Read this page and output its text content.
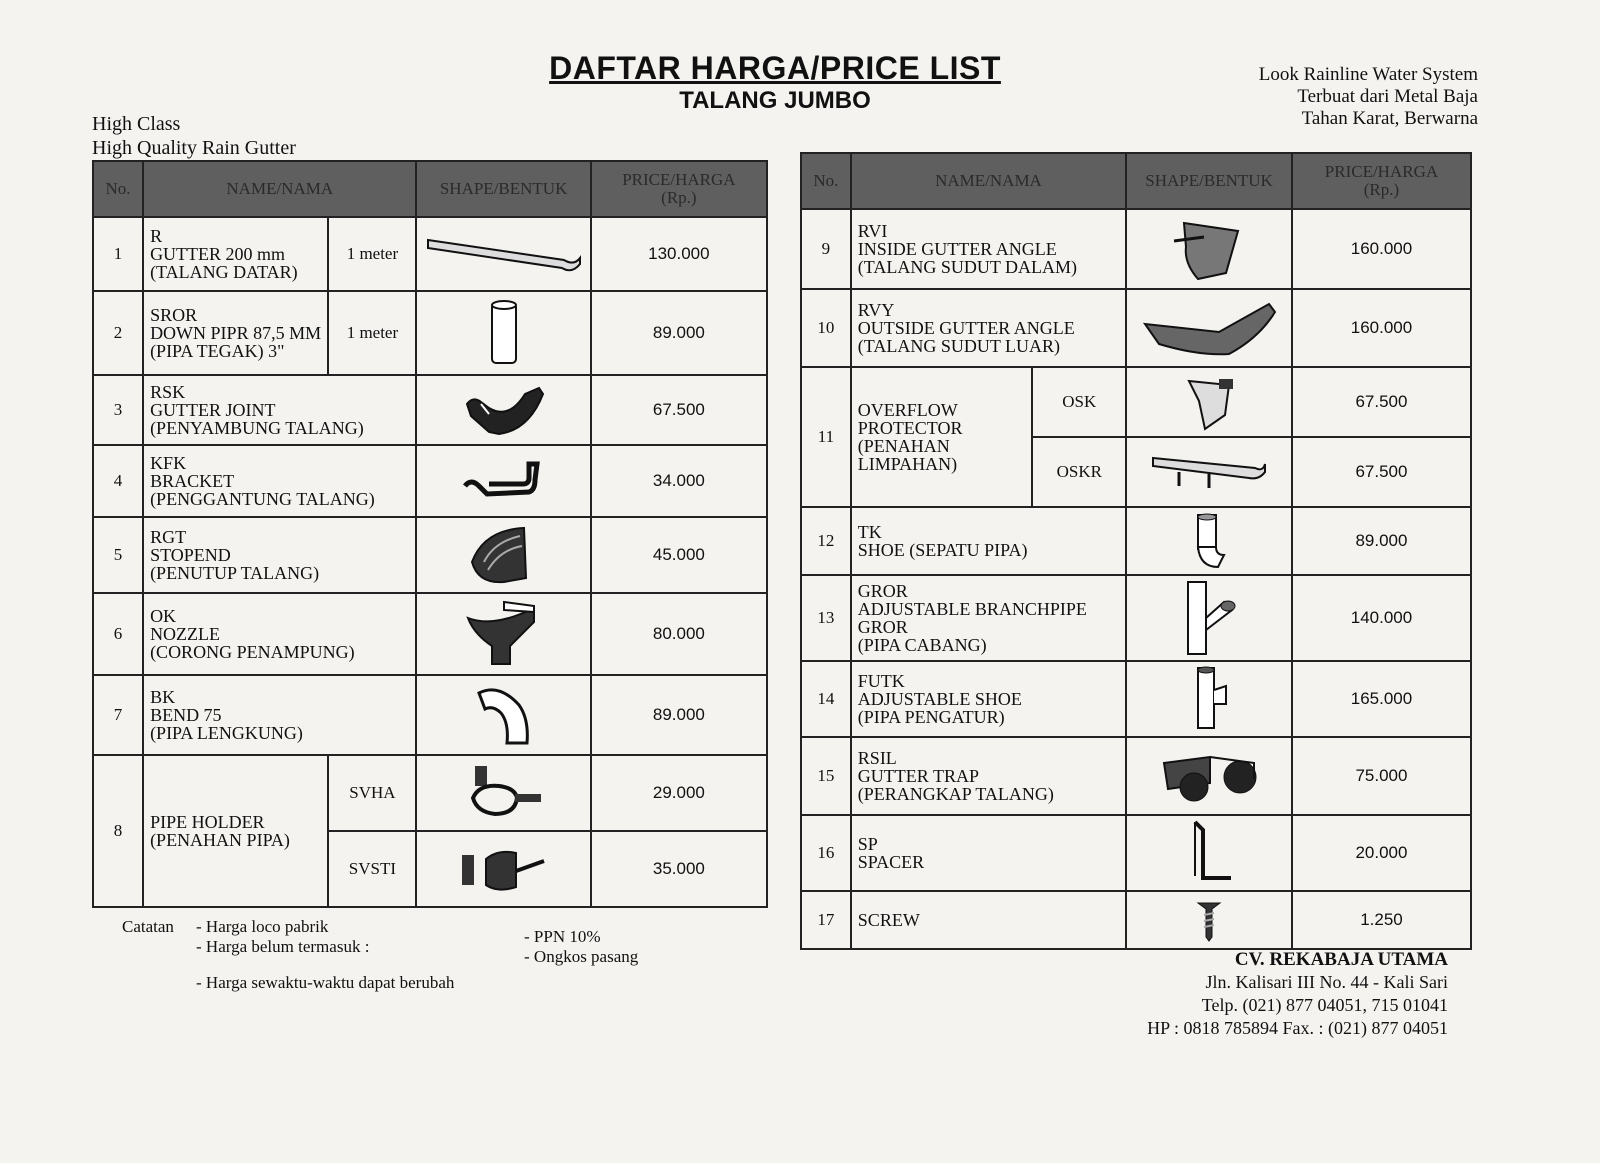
DAFTAR HARGA/PRICE LIST
TALANG JUMBO
High Class
High Quality Rain Gutter
Look Rainline Water System
Terbuat dari Metal Baja
Tahan Karat, Berwarna
No.	NAME/NAMA		SHAPE/BENTUK	PRICE/HARGA
(Rp.)

1	R
GUTTER 200 mm
(TALANG DATAR)	1 meter		130.000
2	SROR
DOWN PIPR 87,5 MM
(PIPA TEGAK) 3"	1 meter		89.000
3	RSK
GUTTER JOINT
(PENYAMBUNG TALANG)			67.500
4	KFK
BRACKET
(PENGGANTUNG TALANG)			34.000
5	RGT
STOPEND
(PENUTUP TALANG)			45.000
6	OK
NOZZLE
(CORONG PENAMPUNG)			80.000
7	BK
BEND 75
(PIPA LENGKUNG)			89.000
8	PIPE HOLDER
(PENAHAN PIPA)	SVHA		29.000
		SVSTI		35.000
No.	NAME/NAMA		SHAPE/BENTUK	PRICE/HARGA
(Rp.)

9	RVI
INSIDE GUTTER ANGLE
(TALANG SUDUT DALAM)			160.000
10	RVY
OUTSIDE GUTTER ANGLE
(TALANG SUDUT LUAR)			160.000
11	OVERFLOW
PROTECTOR
(PENAHAN
LIMPAHAN)	OSK		67.500
		OSKR		67.500
12	TK
SHOE (SEPATU PIPA)			89.000
13	GROR
ADJUSTABLE BRANCHPIPE
GROR
(PIPA CABANG)			140.000
14	FUTK
ADJUSTABLE SHOE
(PIPA PENGATUR)			165.000
15	RSIL
GUTTER TRAP
(PERANGKAP TALANG)			75.000
16	SP
SPACER			20.000
17	SCREW			1.250
Catatan - Harga loco pabrik
- Harga belum termasuk :
- PPN 10%
- Ongkos pasang
- Harga sewaktu-waktu dapat berubah
CV. REKABAJA UTAMA
Jln. Kalisari III No. 44 - Kali Sari
Telp. (021) 877 04051, 715 01041
HP : 0818 785894 Fax. : (021) 877 04051
